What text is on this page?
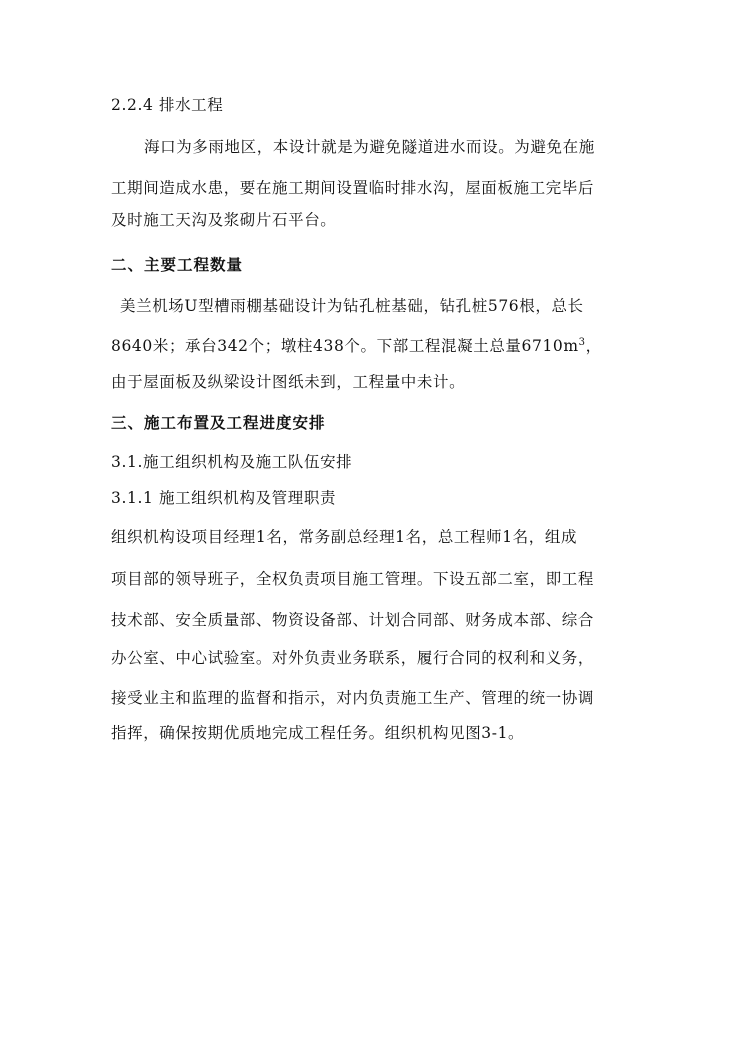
2.2.4 排水工程
海口为多雨地区，本设计就是为避免隧道进水而设。为避免在施
工期间造成水患，要在施工期间设置临时排水沟，屋面板施工完毕后
及时施工天沟及浆砌片石平台。
二、主要工程数量
美兰机场U型槽雨棚基础设计为钻孔桩基础，钻孔桩576根，总长
8640米；承台342个；墩柱438个。下部工程混凝土总量$6710m^3$，
由于屋面板及纵梁设计图纸未到，工程量中未计。
三、施工布置及工程进度安排
3.1.施工组织机构及施工队伍安排
3.1.1 施工组织机构及管理职责
组织机构设项目经理1名，常务副总经理1名，总工程师1名，组成
项目部的领导班子，全权负责项目施工管理。下设五部二室，即工程
技术部、安全质量部、物资设备部、计划合同部、财务成本部、综合
办公室、中心试验室。对外负责业务联系，履行合同的权利和义务，
接受业主和监理的监督和指示，对内负责施工生产、管理的统一协调
指挥，确保按期优质地完成工程任务。组织机构见图3-1。
